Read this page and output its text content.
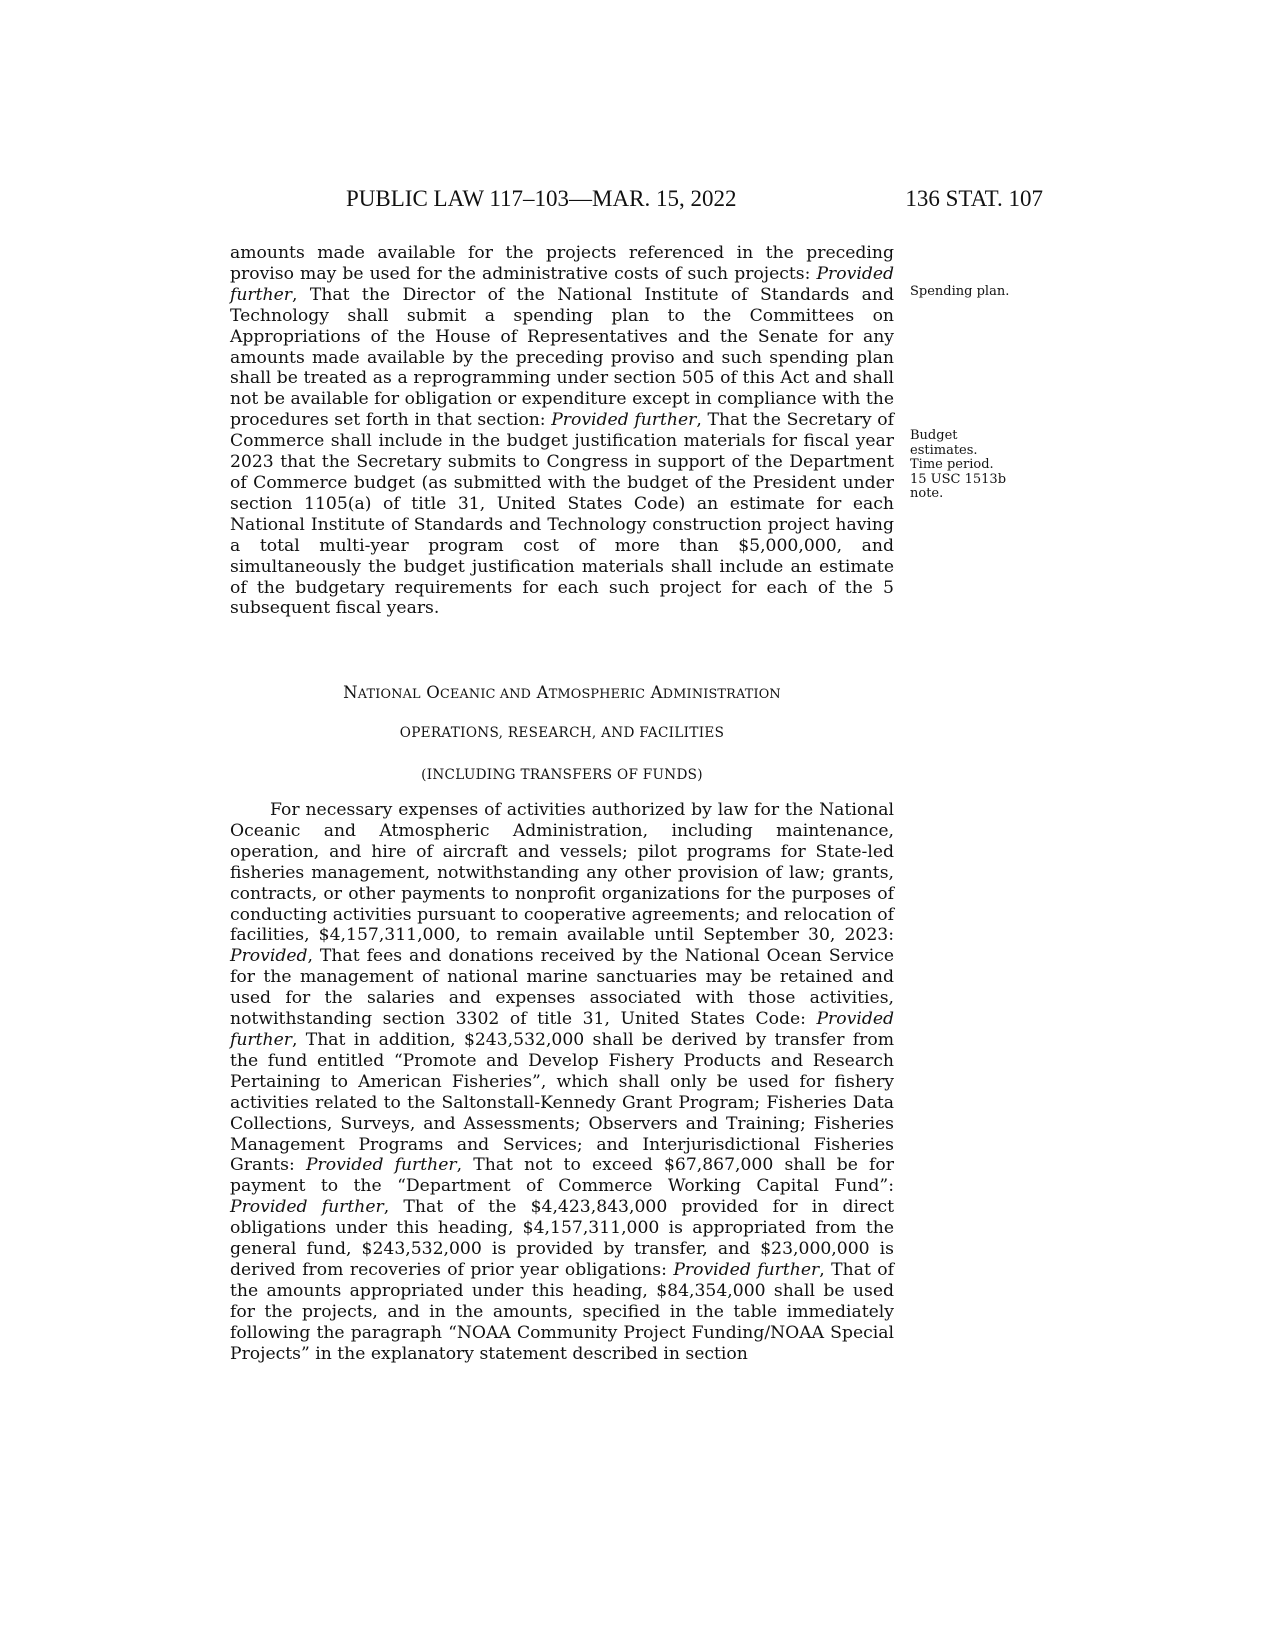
PUBLIC LAW 117–103—MAR. 15, 2022	136 STAT. 107

amounts made available for the projects referenced in the preceding proviso may be used for the administrative costs of such projects: Provided further, That the Director of the National Institute of Standards and Technology shall submit a spending plan to the Committees on Appropriations of the House of Representatives and the Senate for any amounts made available by the preceding proviso and such spending plan shall be treated as a reprogramming under section 505 of this Act and shall not be available for obligation or expenditure except in compliance with the procedures set forth in that section: Provided further, That the Secretary of Commerce shall include in the budget justification materials for fiscal year 2023 that the Secretary submits to Congress in support of the Department of Commerce budget (as submitted with the budget of the President under section 1105(a) of title 31, United States Code) an estimate for each National Institute of Standards and Technology construction project having a total multi-year program cost of more than $5,000,000, and simultaneously the budget justification materials shall include an estimate of the budgetary requirements for each such project for each of the 5 subsequent fiscal years.

Spending plan.
Budget
estimates.
Time period.
15 USC 1513b
note.
NATIONAL OCEANIC AND ATMOSPHERIC ADMINISTRATION
OPERATIONS, RESEARCH, AND FACILITIES
(INCLUDING TRANSFERS OF FUNDS)

For necessary expenses of activities authorized by law for the National Oceanic and Atmospheric Administration, including maintenance, operation, and hire of aircraft and vessels; pilot programs for State-led fisheries management, notwithstanding any other provision of law; grants, contracts, or other payments to nonprofit organizations for the purposes of conducting activities pursuant to cooperative agreements; and relocation of facilities, $4,157,311,000, to remain available until September 30, 2023: Provided, That fees and donations received by the National Ocean Service for the management of national marine sanctuaries may be retained and used for the salaries and expenses associated with those activities, notwithstanding section 3302 of title 31, United States Code: Provided further, That in addition, $243,532,000 shall be derived by transfer from the fund entitled “Promote and Develop Fishery Products and Research Pertaining to American Fisheries”, which shall only be used for fishery activities related to the Saltonstall-Kennedy Grant Program; Fisheries Data Collections, Surveys, and Assessments; Observers and Training; Fisheries Management Programs and Services; and Interjurisdictional Fisheries Grants: Provided further, That not to exceed $67,867,000 shall be for payment to the “Department of Commerce Working Capital Fund”: Provided further, That of the $4,423,843,000 provided for in direct obligations under this heading, $4,157,311,000 is appropriated from the general fund, $243,532,000 is provided by transfer, and $23,000,000 is derived from recoveries of prior year obligations: Provided further, That of the amounts appropriated under this heading, $84,354,000 shall be used for the projects, and in the amounts, specified in the table immediately following the paragraph “NOAA Community Project Funding/NOAA Special Projects” in the explanatory statement described in section
